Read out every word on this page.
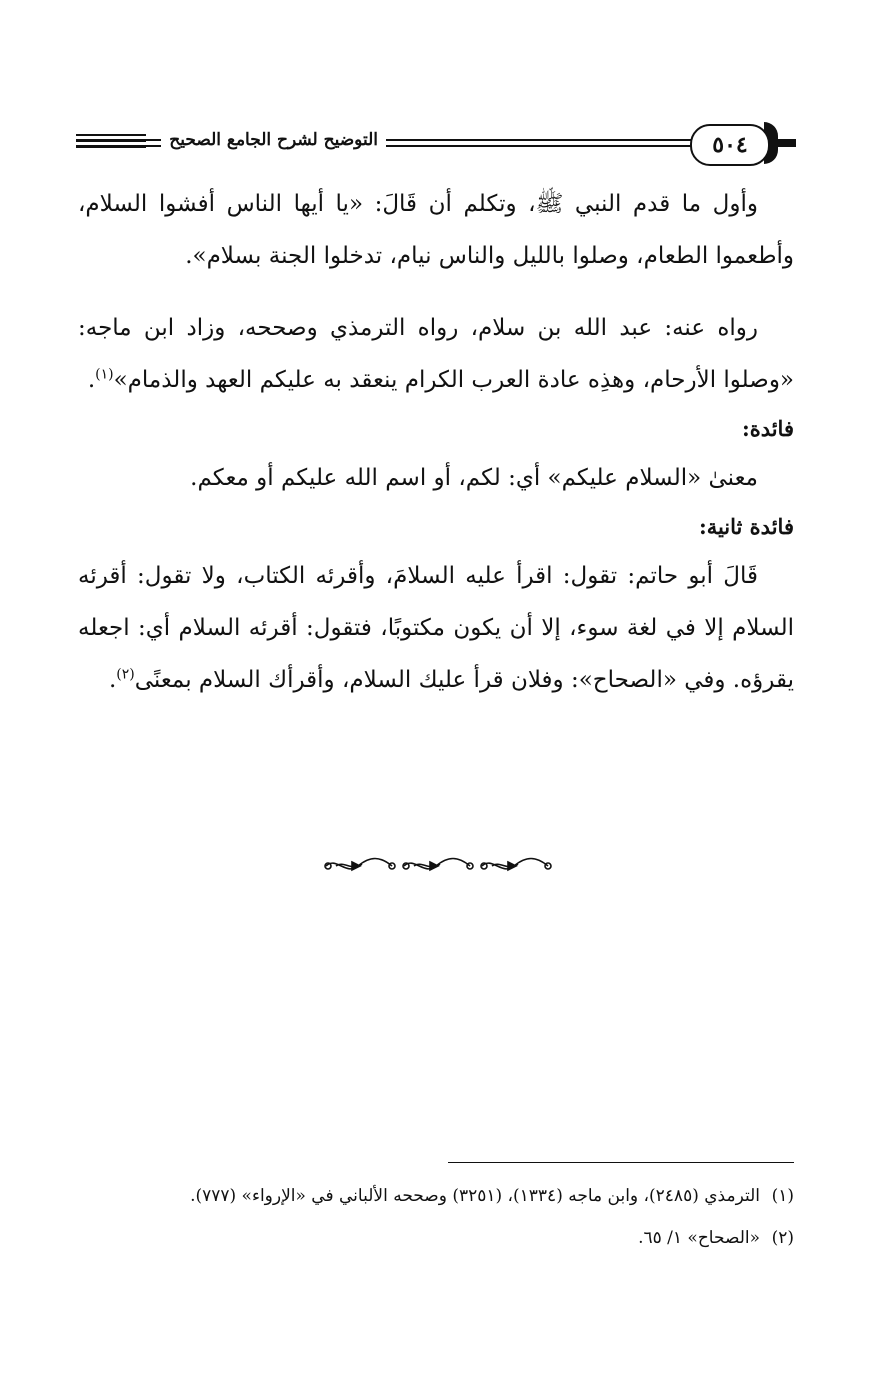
التوضيح لشرح الجامع الصحيح	٥٠٤

وأول ما قدم النبي ﷺ، وتكلم أن قَالَ: «يا أيها الناس أفشوا السلام، وأطعموا الطعام، وصلوا بالليل والناس نيام، تدخلوا الجنة بسلام».

رواه عنه: عبد الله بن سلام، رواه الترمذي وصححه، وزاد ابن ماجه: «وصلوا الأرحام، وهذِه عادة العرب الكرام ينعقد به عليكم العهد والذمام»$^{(١)}$.

فائدة:

معنىٰ «السلام عليكم» أي: لكم، أو اسم الله عليكم أو معكم.

فائدة ثانية:

قَالَ أبو حاتم: تقول: اقرأ عليه السلامَ، وأقرئه الكتاب، ولا تقول: أقرئه السلام إلا في لغة سوء، إلا أن يكون مكتوبًا، فتقول: أقرئه السلام أي: اجعله يقرؤه. وفي «الصحاح»: وفلان قرأ عليك السلام، وأقرأك السلام بمعنًى$^{(٢)}$.

(١)
الترمذي (٢٤٨٥)، وابن ماجه (١٣٣٤)، (٣٢٥١) وصححه الألباني في «الإرواء» (٧٧٧).
(٢)
«الصحاح» ١/ ٦٥.
